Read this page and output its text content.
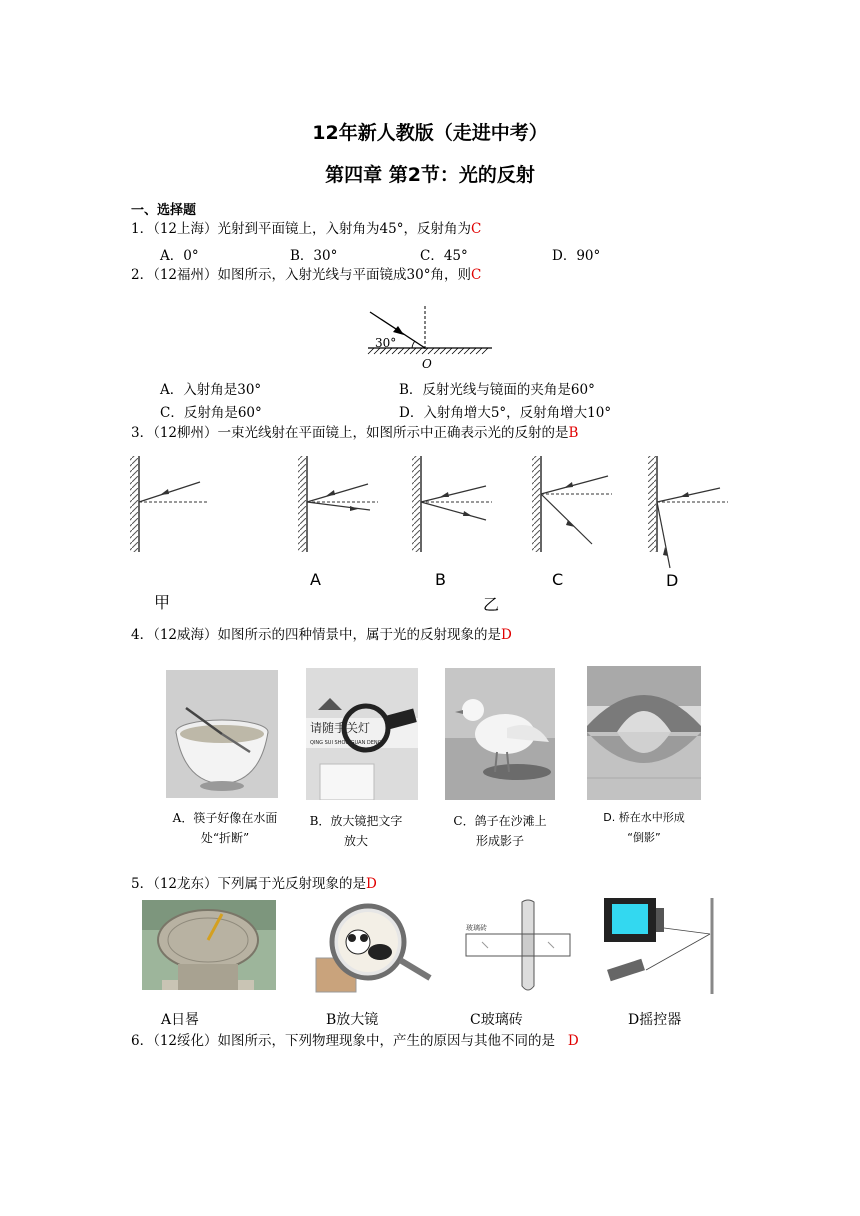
12年新人教版（走进中考）
第四章 第2节：光的反射
一、选择题
1．（12上海）光射到平面镜上，入射角为45°，反射角为C
A．0°	B．30°	C．45°	D．90°
2．（12福州）如图所示，入射光线与平面镜成30°角，则C
30°
O
A．入射角是30°	B．反射光线与镜面的夹角是60°
C．反射角是60°	D．入射角增大5°，反射角增大10°
3．（12柳州）一束光线射在平面镜上，如图所示中正确表示光的反射的是B
A	B	C	D
甲	乙
4．（12威海）如图所示的四种情景中，属于光的反射现象的是D
请随手关灯
QING SUI SHOU GUAN DENG
A．筷子好像在水面
处“折断”
B．放大镜把文字
放大
C．鸽子在沙滩上
形成影子
D. 桥在水中形成
“倒影”
5．（12龙东）下列属于光反射现象的是D
玻璃砖
A日晷	B放大镜	C玻璃砖	D摇控器
6．（12绥化）如图所示，下列物理现象中，产生的原因与其他不同的是 D
